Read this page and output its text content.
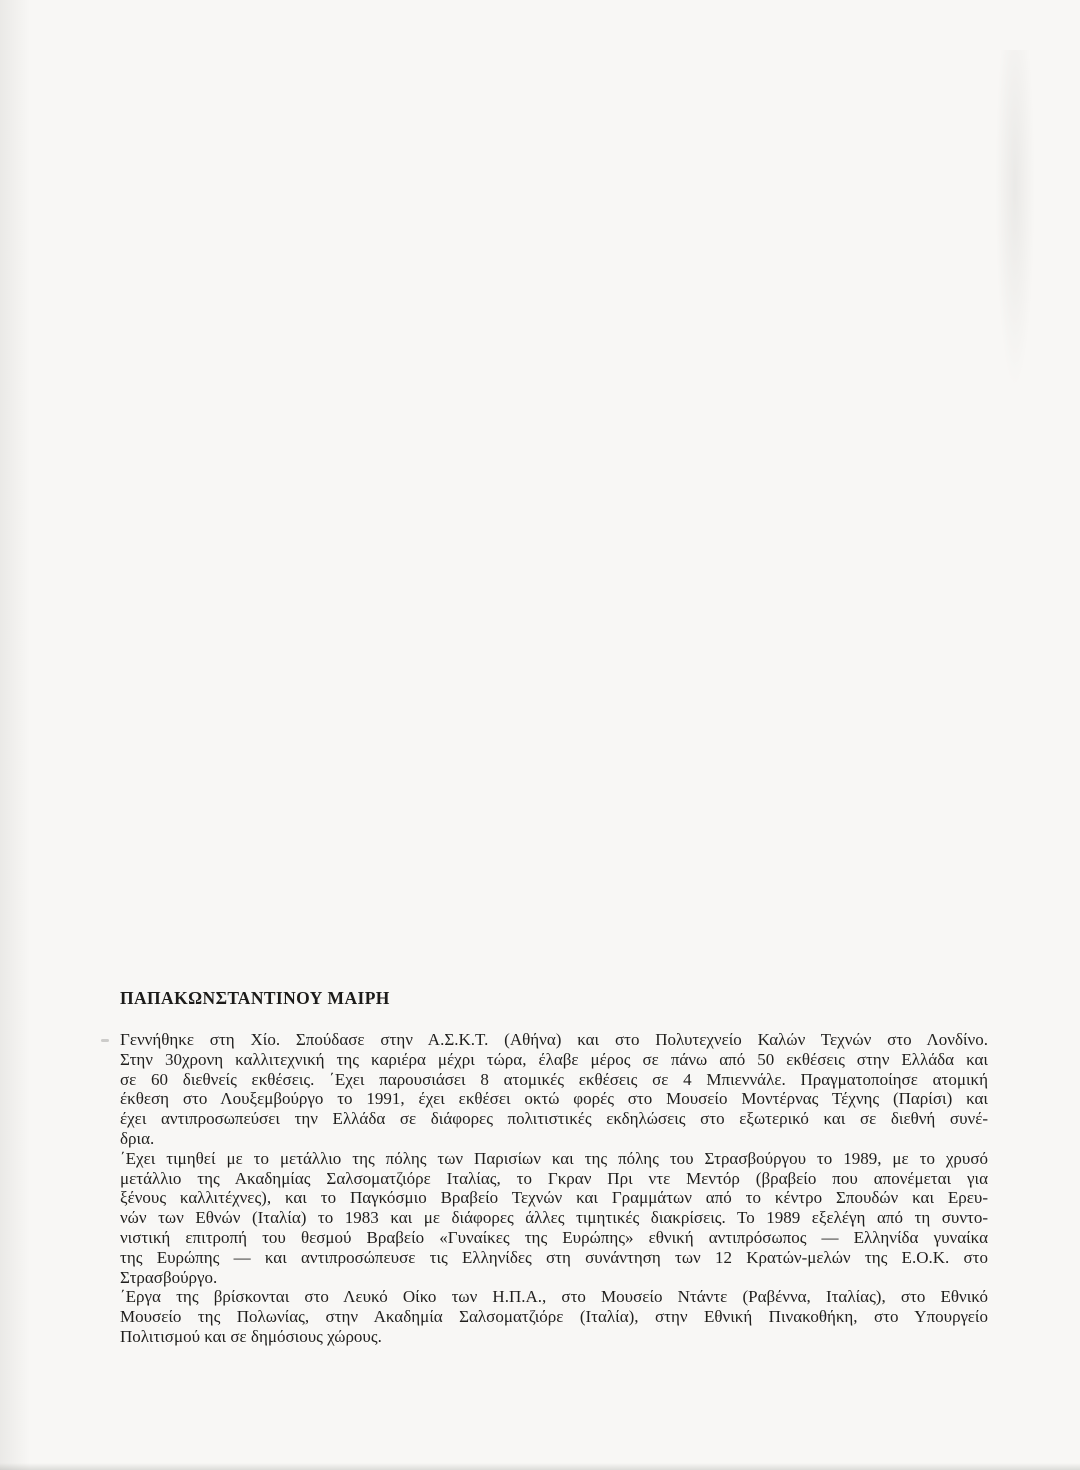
ΠΑΠΑΚΩΝΣΤΑΝΤΙΝΟΥ ΜΑΙΡΗ
Γεννήθηκε στη Χίο. Σπούδασε στην Α.Σ.Κ.Τ. (Αθήνα) και στο Πολυτεχνείο Καλών Τεχνών στο Λονδίνο.
Στην 30χρονη καλλιτεχνική της καριέρα μέχρι τώρα, έλαβε μέρος σε πάνω από 50 εκθέσεις στην Ελλάδα και
σε 60 διεθνείς εκθέσεις. ΄Εχει παρουσιάσει 8 ατομικές εκθέσεις σε 4 Μπιεννάλε. Πραγματοποίησε ατομική
έκθεση στο Λουξεμβούργο το 1991, έχει εκθέσει οκτώ φορές στο Μουσείο Μοντέρνας Τέχνης (Παρίσι) και
έχει αντιπροσωπεύσει την Ελλάδα σε διάφορες πολιτιστικές εκδηλώσεις στο εξωτερικό και σε διεθνή συνέ-
δρια.
΄Εχει τιμηθεί με το μετάλλιο της πόλης των Παρισίων και της πόλης του Στρασβούργου το 1989, με το χρυσό
μετάλλιο της Ακαδημίας Σαλσοματζιόρε Ιταλίας, το Γκραν Πρι ντε Μεντόρ (βραβείο που απονέμεται για
ξένους καλλιτέχνες), και το Παγκόσμιο Βραβείο Τεχνών και Γραμμάτων από το κέντρο Σπουδών και Ερευ-
νών των Εθνών (Ιταλία) το 1983 και με διάφορες άλλες τιμητικές διακρίσεις. Το 1989 εξελέγη από τη συντο-
νιστική επιτροπή του θεσμού Βραβείο «Γυναίκες της Ευρώπης» εθνική αντιπρόσωπος — Ελληνίδα γυναίκα
της Ευρώπης — και αντιπροσώπευσε τις Ελληνίδες στη συνάντηση των 12 Κρατών-μελών της Ε.Ο.Κ. στο
Στρασβούργο.
΄Εργα της βρίσκονται στο Λευκό Οίκο των Η.Π.Α., στο Μουσείο Ντάντε (Ραβέννα, Ιταλίας), στο Εθνικό
Μουσείο της Πολωνίας, στην Ακαδημία Σαλσοματζιόρε (Ιταλία), στην Εθνική Πινακοθήκη, στο Υπουργείο
Πολιτισμού και σε δημόσιους χώρους.
